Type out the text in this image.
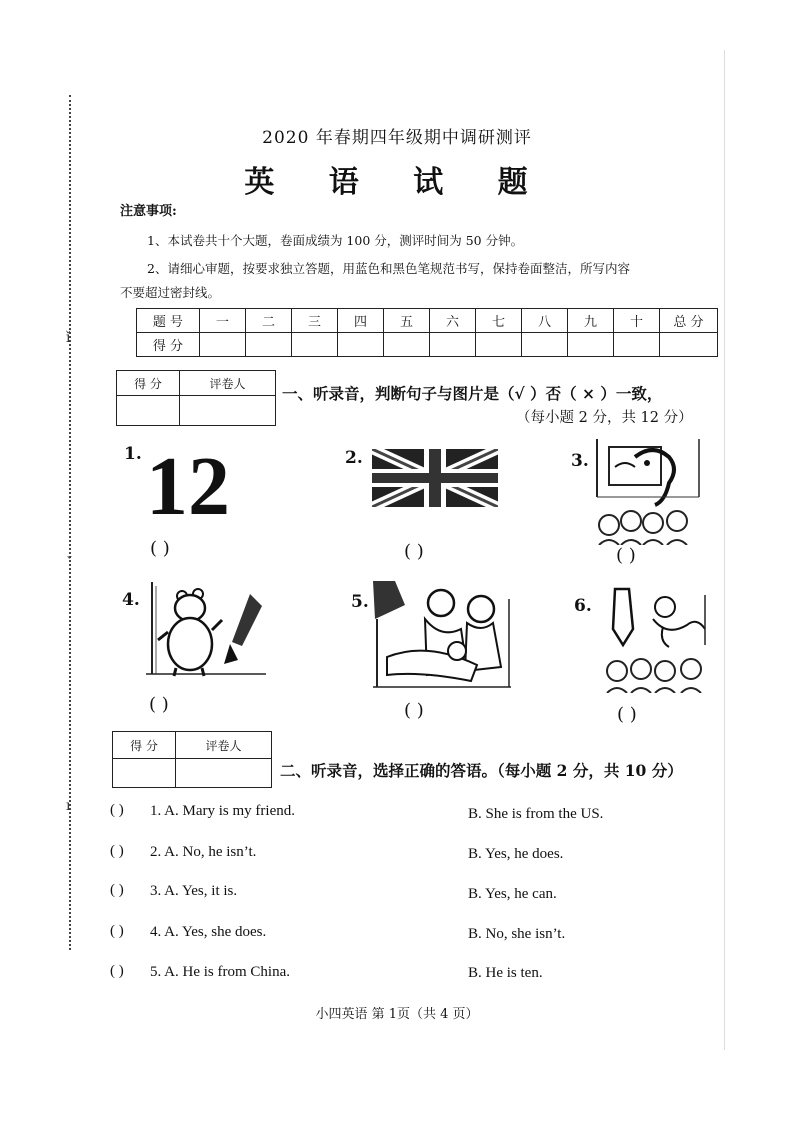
ǐ
ˇ
ı
2020 年春期四年级期中调研测评
英 语 试 题
注意事项:
1、本试卷共十个大题，卷面成绩为 100 分，测评时间为 50 分钟。
2、请细心审题，按要求独立答题，用蓝色和黑色笔规范书写，保持卷面整洁，所写内容
不要超过密封线。
题 号	一	二	三	四	五	六	七	八	九	十	总 分
得 分											
得 分	评卷人

一、听录音，判断句子与图片是（√ ）否（ × ）一致，
（每小题 2 分，共 12 分）
1. 12
( )
2.
( )
3.
( )
4.
( )
5.
( )
6.
( )
得 分	评卷人

二、听录音，选择正确的答语。（每小题 2 分，共 10 分）
( ) 1. A. Mary is my friend.	B. She is from the US.
( ) 2. A. No, he isn’t.	B. Yes, he does.
( ) 3. A. Yes, it is.	B. Yes, he can.
( ) 4. A. Yes, she does.	B. No, she isn’t.
( ) 5. A. He is from China.	B. He is ten.
小四英语 第 1页（共 4 页）
